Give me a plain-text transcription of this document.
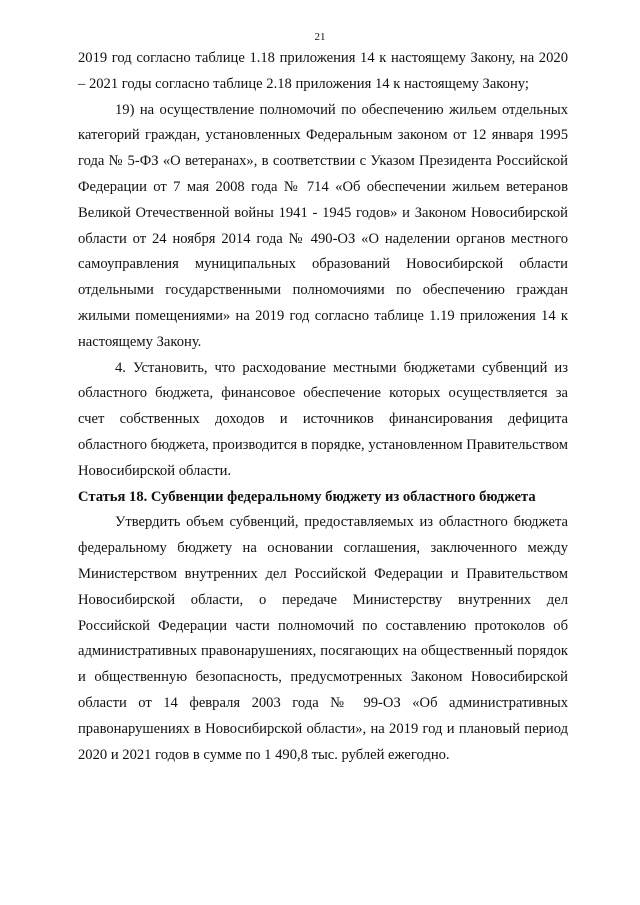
21

2019 год согласно таблице 1.18 приложения 14 к настоящему Закону, на 2020 – 2021 годы согласно таблице 2.18 приложения 14 к настоящему Закону;

19) на осуществление полномочий по обеспечению жильем отдельных категорий граждан, установленных Федеральным законом от 12 января 1995 года № 5-ФЗ «О ветеранах», в соответствии с Указом Президента Российской Федерации от 7 мая 2008 года № 714 «Об обеспечении жильем ветеранов Великой Отечественной войны 1941 - 1945 годов» и Законом Новосибирской области от 24 ноября 2014 года № 490-ОЗ «О наделении органов местного самоуправления муниципальных образований Новосибирской области отдельными государственными полномочиями по обеспечению граждан жилыми помещениями» на 2019 год согласно таблице 1.19 приложения 14 к настоящему Закону.

4. Установить, что расходование местными бюджетами субвенций из областного бюджета, финансовое обеспечение которых осуществляется за счет собственных доходов и источников финансирования дефицита областного бюджета, производится в порядке, установленном Правительством Новосибирской области.

Статья 18. Субвенции федеральному бюджету из областного бюджета

Утвердить объем субвенций, предоставляемых из областного бюджета федеральному бюджету на основании соглашения, заключенного между Министерством внутренних дел Российской Федерации и Правительством Новосибирской области, о передаче Министерству внутренних дел Российской Федерации части полномочий по составлению протоколов об административных правонарушениях, посягающих на общественный порядок и общественную безопасность, предусмотренных Законом Новосибирской области от 14 февраля 2003 года № 99-ОЗ «Об административных правонарушениях в Новосибирской области», на 2019 год и плановый период 2020 и 2021 годов в сумме по 1 490,8 тыс. рублей ежегодно.
